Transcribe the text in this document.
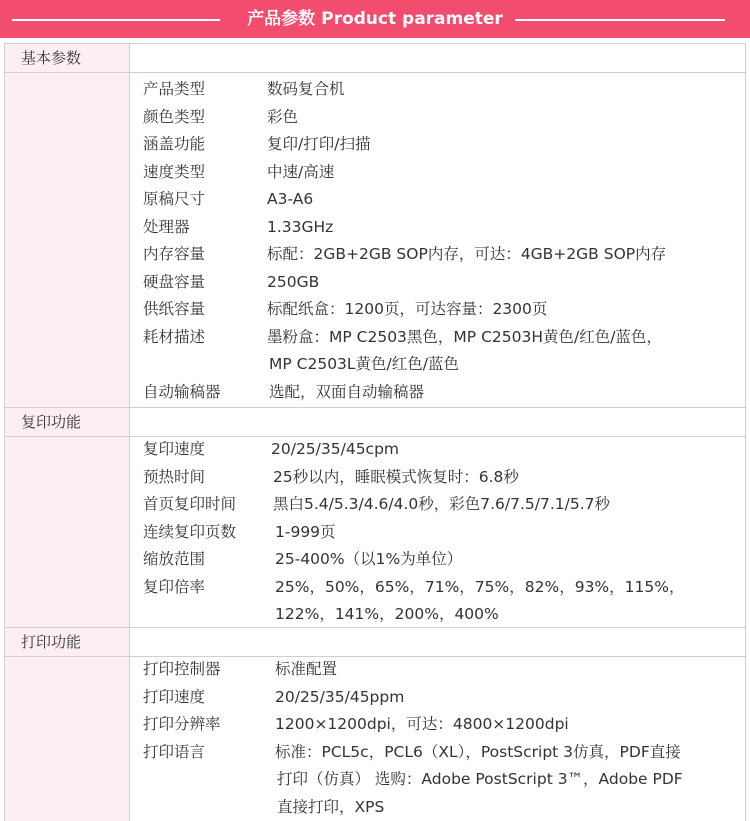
产品参数 Product parameter
基本参数
产品类型	数码复合机
颜色类型	彩色
涵盖功能	复印/打印/扫描
速度类型	中速/高速
原稿尺寸	A3-A6
处理器	1.33GHz
内存容量	标配：2GB+2GB SOP内存，可达：4GB+2GB SOP内存
硬盘容量	250GB
供纸容量	标配纸盒：1200页，可达容量：2300页
耗材描述	墨粉盒：MP C2503黑色，MP C2503H黄色/红色/蓝色，
MP C2503L黄色/红色/蓝色
自动输稿器	选配，双面自动输稿器
复印功能
复印速度	20/25/35/45cpm
预热时间	25秒以内，睡眠模式恢复时：6.8秒
首页复印时间 黑白5.4/5.3/4.6/4.0秒，彩色7.6/7.5/7.1/5.7秒
连续复印页数	1-999页
缩放范围	25-400%（以1%为单位）
复印倍率	25%，50%，65%，71%，75%，82%，93%，115%，
122%，141%，200%，400%
打印功能
打印控制器	标准配置
打印速度	20/25/35/45ppm
打印分辨率	1200×1200dpi，可达：4800×1200dpi
打印语言	标准：PCL5c，PCL6（XL），PostScript 3仿真，PDF直接
打印（仿真） 选购：Adobe PostScript 3™，Adobe PDF
直接打印，XPS
